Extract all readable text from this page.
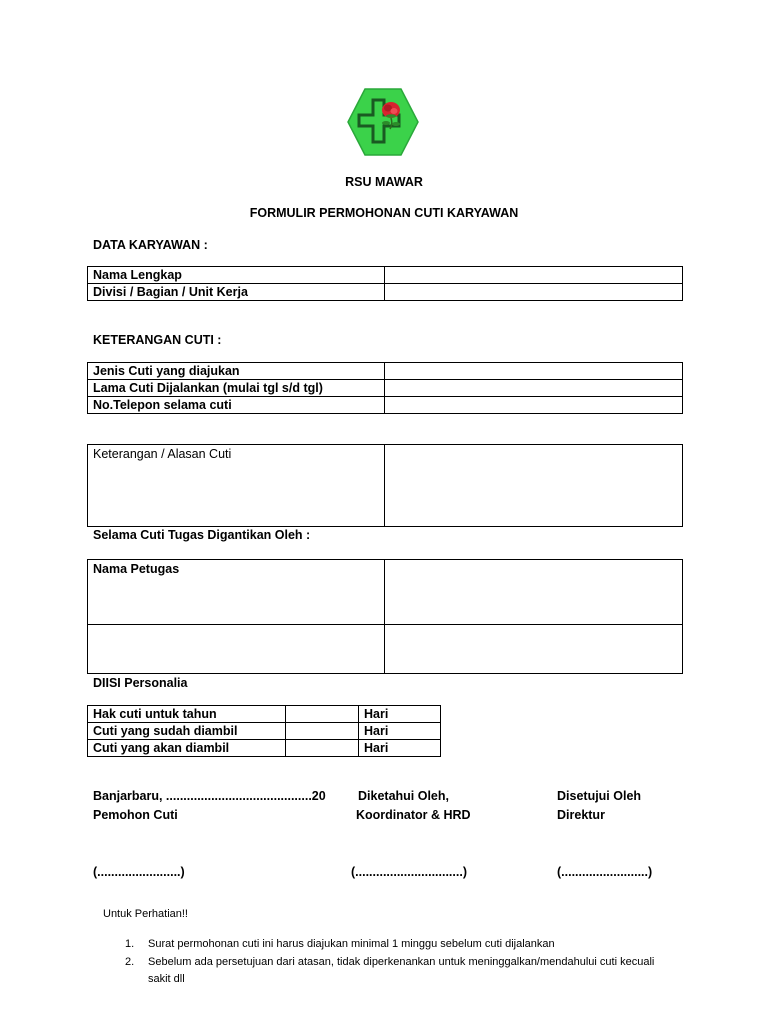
RSU MAWAR
FORMULIR PERMOHONAN CUTI KARYAWAN
DATA KARYAWAN :
Nama Lengkap	
Divisi / Bagian / Unit Kerja	
KETERANGAN CUTI :
Jenis Cuti yang diajukan	
Lama Cuti Dijalankan (mulai tgl s/d tgl)	
No.Telepon selama cuti	
Keterangan / Alasan Cuti	
Selama Cuti Tugas Digantikan Oleh :
Nama Petugas	

DIISI Personalia
Hak cuti untuk tahun		Hari
Cuti yang sudah diambil		Hari
Cuti yang akan diambil		Hari
Banjarbaru, ..........................................20
Pemohon Cuti
Diketahui Oleh,
Koordinator & HRD
Disetujui Oleh
Direktur
(........................)	(...............................)	(.........................)
Untuk Perhatian!!
1. Surat permohonan cuti ini harus diajukan minimal 1 minggu sebelum cuti dijalankan
2. Sebelum ada persetujuan dari atasan, tidak diperkenankan untuk meninggalkan/mendahului cuti kecuali
sakit dll
